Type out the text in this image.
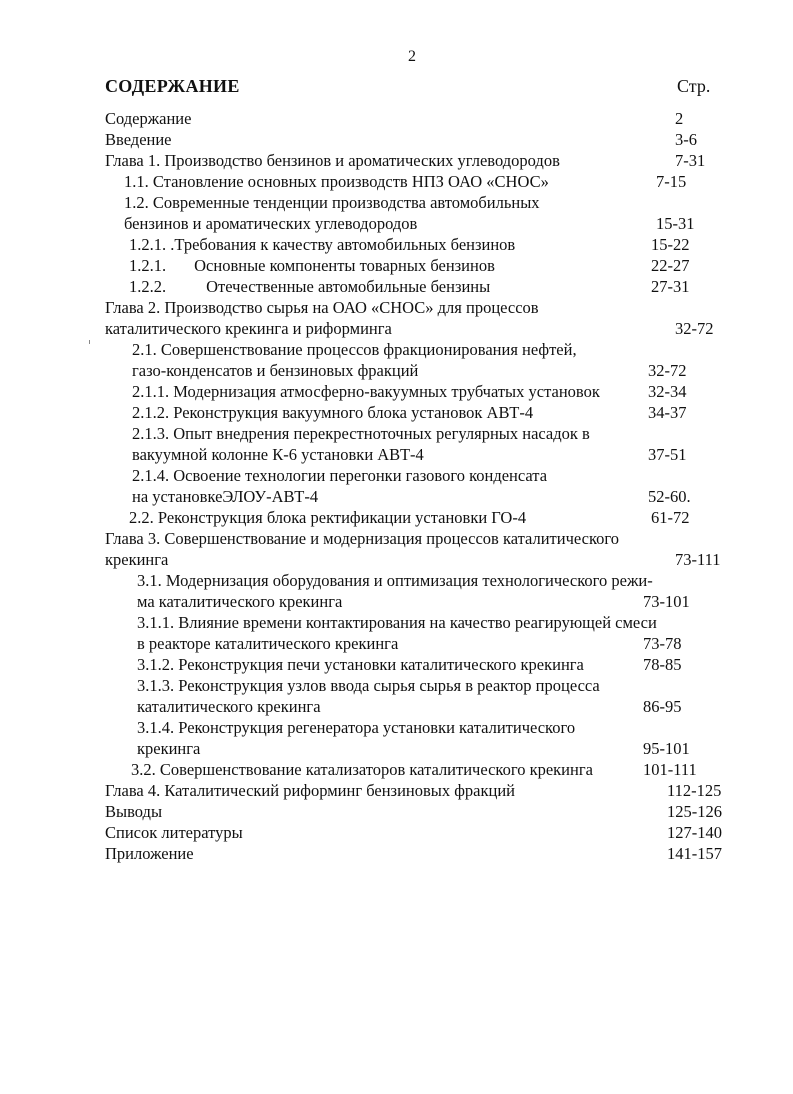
2
СОДЕРЖАНИЕ	Стр.
Содержание	2
Введение	3-6
Глава 1. Производство бензинов и ароматических углеводородов	7-31
1.1. Становление основных производств НПЗ ОАО «СНОС»	7-15
1.2. Современные тенденции производства автомобильных
бензинов и ароматических углеводородов	15-31
1.2.1. .Требования к качеству автомобильных бензинов	15-22
1.2.1. Основные компоненты товарных бензинов	22-27
1.2.2. Отечественные автомобильные бензины	27-31
Глава 2. Производство сырья на ОАО «СНОС» для процессов
каталитического крекинга и риформинга	32-72
2.1. Совершенствование процессов фракционирования нефтей,
газо-конденсатов и бензиновых фракций	32-72
2.1.1. Модернизация атмосферно-вакуумных трубчатых установок	32-34
2.1.2. Реконструкция вакуумного блока установок АВТ-4	34-37
2.1.3. Опыт внедрения перекрестноточных регулярных насадок в
вакуумной колонне К-6 установки АВТ-4	37-51
2.1.4. Освоение технологии перегонки газового конденсата
на установкеЭЛОУ-АВТ-4	52-60.
2.2. Реконструкция блока ректификации установки ГО-4	61-72
Глава 3. Совершенствование и модернизация процессов каталитического
крекинга	73-111
3.1. Модернизация оборудования и оптимизация технологического режи-
ма каталитического крекинга	73-101
3.1.1. Влияние времени контактирования на качество реагирующей смеси
в реакторе каталитического крекинга	73-78
3.1.2. Реконструкция печи установки каталитического крекинга	78-85
3.1.3. Реконструкция узлов ввода сырья сырья в реактор процесса
каталитического крекинга	86-95
3.1.4. Реконструкция регенератора установки каталитического
крекинга	95-101
3.2. Совершенствование катализаторов каталитического крекинга	101-111
Глава 4. Каталитический риформинг бензиновых фракций	112-125
Выводы	125-126
Список литературы	127-140
Приложение	141-157
